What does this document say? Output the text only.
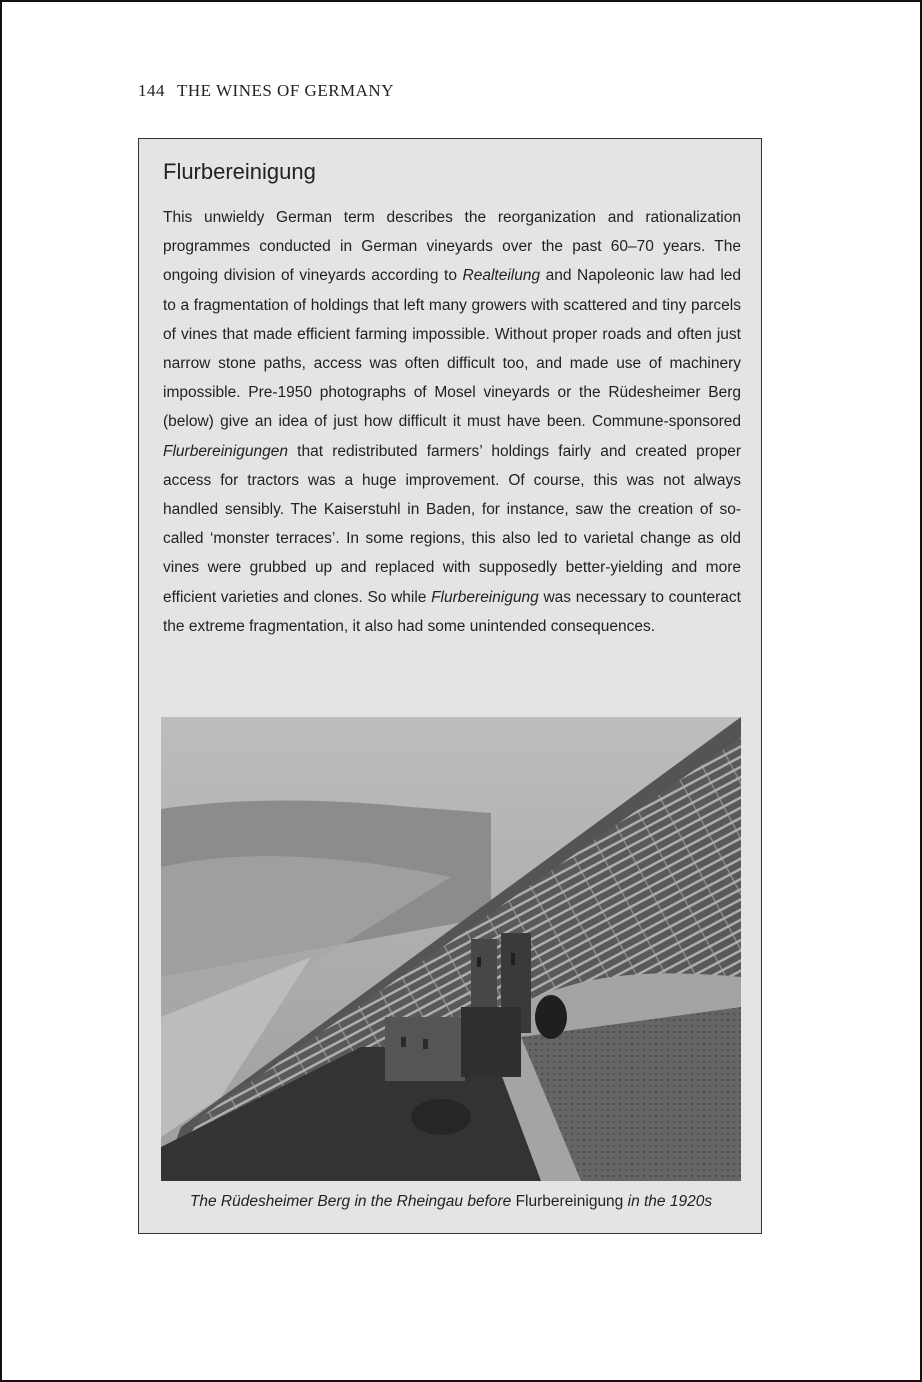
144 THE WINES OF GERMANY
Flurbereinigung

This unwieldy German term describes the reorganization and rationalization programmes conducted in German vineyards over the past 60–70 years. The ongoing division of vineyards according to Realteilung and Napoleonic law had led to a fragmentation of holdings that left many growers with scattered and tiny parcels of vines that made efficient farming impossible. Without proper roads and often just narrow stone paths, access was often difficult too, and made use of machinery impossible. Pre-1950 photographs of Mosel vineyards or the Rüdesheimer Berg (below) give an idea of just how difficult it must have been. Commune-sponsored Flurbereinigungen that redistributed farmers’ holdings fairly and created proper access for tractors was a huge improvement. Of course, this was not always handled sensibly. The Kaiserstuhl in Baden, for instance, saw the creation of so-called ‘monster terraces’. In some regions, this also led to varietal change as old vines were grubbed up and replaced with supposedly better-yielding and more efficient varieties and clones. So while Flurbereinigung was necessary to counteract the extreme fragmentation, it also had some unintended consequences.

The Rüdesheimer Berg in the Rheingau before Flurbereinigung in the 1920s
